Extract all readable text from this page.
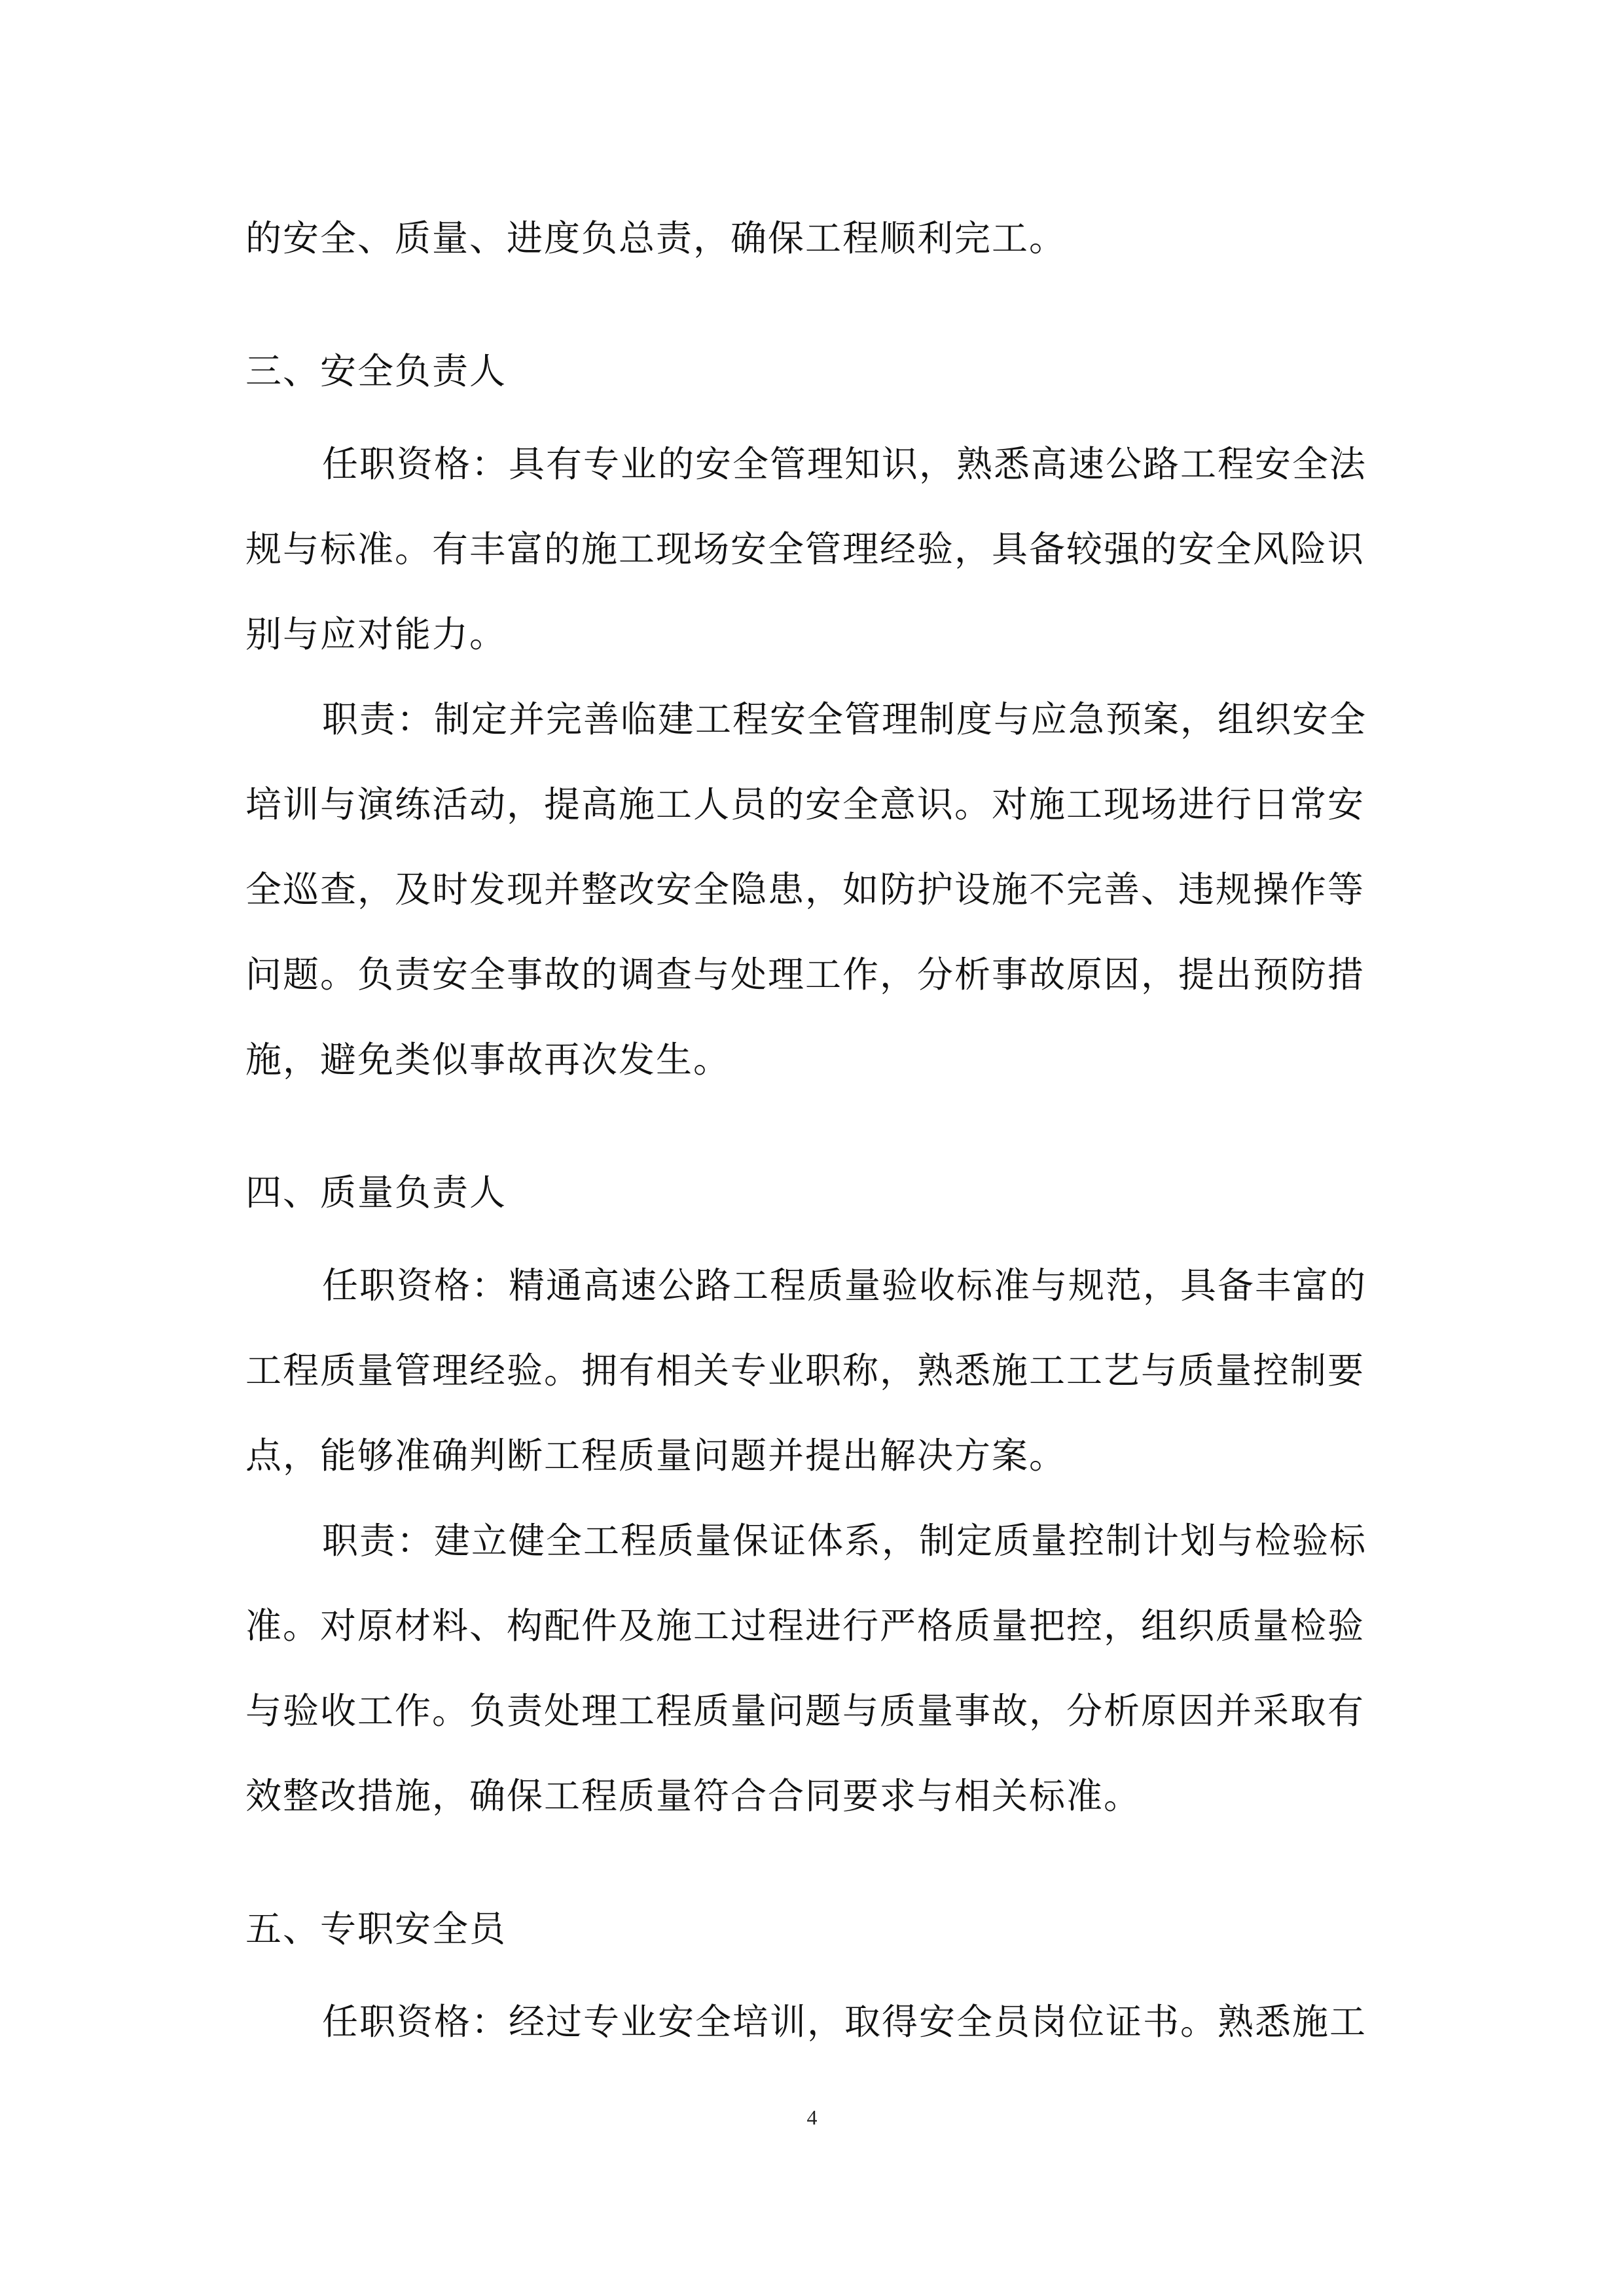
的安全、质量、进度负总责，确保工程顺利完工。
三、安全负责人
任职资格：具有专业的安全管理知识，熟悉高速公路工程安全法
规与标准。有丰富的施工现场安全管理经验，具备较强的安全风险识
别与应对能力。
职责：制定并完善临建工程安全管理制度与应急预案，组织安全
培训与演练活动，提高施工人员的安全意识。对施工现场进行日常安
全巡查，及时发现并整改安全隐患，如防护设施不完善、违规操作等
问题。负责安全事故的调查与处理工作，分析事故原因，提出预防措
施，避免类似事故再次发生。
四、质量负责人
任职资格：精通高速公路工程质量验收标准与规范，具备丰富的
工程质量管理经验。拥有相关专业职称，熟悉施工工艺与质量控制要
点，能够准确判断工程质量问题并提出解决方案。
职责：建立健全工程质量保证体系，制定质量控制计划与检验标
准。对原材料、构配件及施工过程进行严格质量把控，组织质量检验
与验收工作。负责处理工程质量问题与质量事故，分析原因并采取有
效整改措施，确保工程质量符合合同要求与相关标准。
五、专职安全员
任职资格：经过专业安全培训，取得安全员岗位证书。熟悉施工
4
